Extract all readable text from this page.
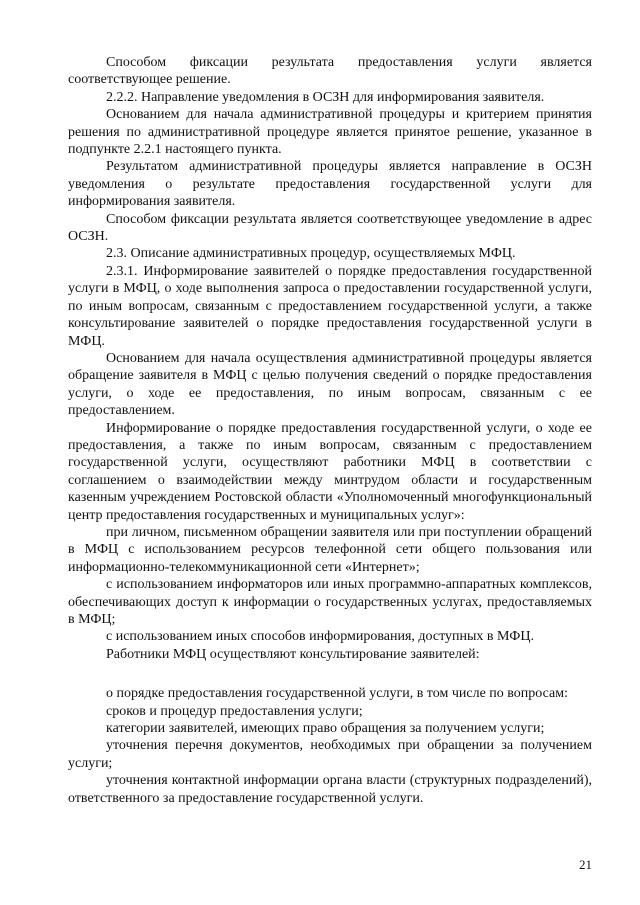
Способом фиксации результата предоставления услуги является соответствующее решение.

2.2.2. Направление уведомления в ОСЗН для информирования заявителя.

Основанием для начала административной процедуры и критерием принятия решения по административной процедуре является принятое решение, указанное в подпункте 2.2.1 настоящего пункта.

Результатом административной процедуры является направление в ОСЗН уведомления о результате предоставления государственной услуги для информирования заявителя.

Способом фиксации результата является соответствующее уведомление в адрес ОСЗН.

2.3. Описание административных процедур, осуществляемых МФЦ.

2.3.1. Информирование заявителей о порядке предоставления государственной услуги в МФЦ, о ходе выполнения запроса о предоставлении государственной услуги, по иным вопросам, связанным с предоставлением государственной услуги, а также консультирование заявителей о порядке предоставления государственной услуги в МФЦ.

Основанием для начала осуществления административной процедуры является обращение заявителя в МФЦ с целью получения сведений о порядке предоставления услуги, о ходе ее предоставления, по иным вопросам, связанным с ее предоставлением.

Информирование о порядке предоставления государственной услуги, о ходе ее предоставления, а также по иным вопросам, связанным с предоставлением государственной услуги, осуществляют работники МФЦ в соответствии с соглашением о взаимодействии между минтрудом области и государственным казенным учреждением Ростовской области «Уполномоченный многофункциональный центр предоставления государственных и муниципальных услуг»:

при личном, письменном обращении заявителя или при поступлении обращений в МФЦ с использованием ресурсов телефонной сети общего пользования или информационно-телекоммуникационной сети «Интернет»;

с использованием информаторов или иных программно-аппаратных комплексов, обеспечивающих доступ к информации о государственных услугах, предоставляемых в МФЦ;

с использованием иных способов информирования, доступных в МФЦ.

Работники МФЦ осуществляют консультирование заявителей:

о порядке предоставления государственной услуги, в том числе по вопросам:

сроков и процедур предоставления услуги;

категории заявителей, имеющих право обращения за получением услуги;

уточнения перечня документов, необходимых при обращении за получением услуги;

уточнения контактной информации органа власти (структурных подразделений), ответственного за предоставление государственной услуги.

21
